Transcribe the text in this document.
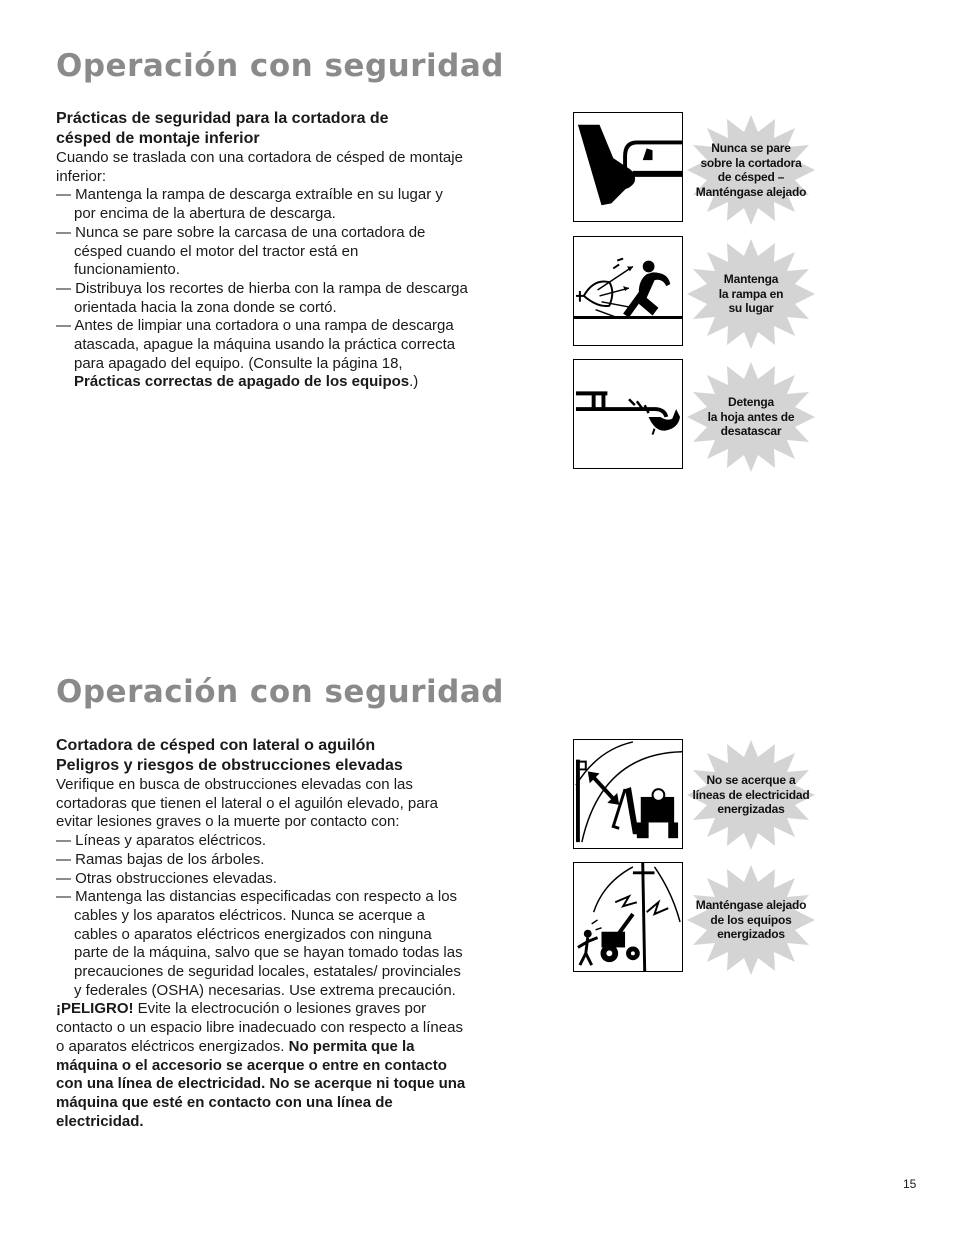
Operación con seguridad

Prácticas de seguridad para la cortadora de
césped de montaje inferior

Cuando se traslada con una cortadora de césped de montaje inferior:

— Mantenga la rampa de descarga extraíble en su lugar y por encima de la abertura de descarga.

— Nunca se pare sobre la carcasa de una cortadora de césped cuando el motor del tractor está en funcionamiento.

— Distribuya los recortes de hierba con la rampa de descarga orientada hacia la zona donde se cortó.

— Antes de limpiar una cortadora o una rampa de descarga atascada, apague la máquina usando la práctica correcta para apagado del equipo. (Consulte la página 18, Prácticas correctas de apagado de los equipos.)

Nunca se pare
sobre la cortadora
de césped –
Manténgase alejado
Mantenga
la rampa en
su lugar
Detenga
la hoja antes de
desatascar
Operación con seguridad

Cortadora de césped con lateral o aguilón
Peligros y riesgos de obstrucciones elevadas

Verifique en busca de obstrucciones elevadas con las cortadoras que tienen el lateral o el aguilón elevado, para evitar lesiones graves o la muerte por contacto con:

— Líneas y aparatos eléctricos.

— Ramas bajas de los árboles.

— Otras obstrucciones elevadas.

— Mantenga las distancias especificadas con respecto a los cables y los aparatos eléctricos. Nunca se acerque a cables o aparatos eléctricos energizados con ninguna parte de la máquina, salvo que se hayan tomado todas las precauciones de seguridad locales, estatales/ provinciales y federales (OSHA) necesarias. Use extrema precaución.

¡PELIGRO! Evite la electrocución o lesiones graves por contacto o un espacio libre inadecuado con respecto a líneas o aparatos eléctricos energizados. No permita que la máquina o el accesorio se acerque o entre en contacto con una línea de electricidad. No se acerque ni toque una máquina que esté en contacto con una línea de electricidad.

No se acerque a
líneas de electricidad
energizadas
Manténgase alejado
de los equipos
energizados
15
